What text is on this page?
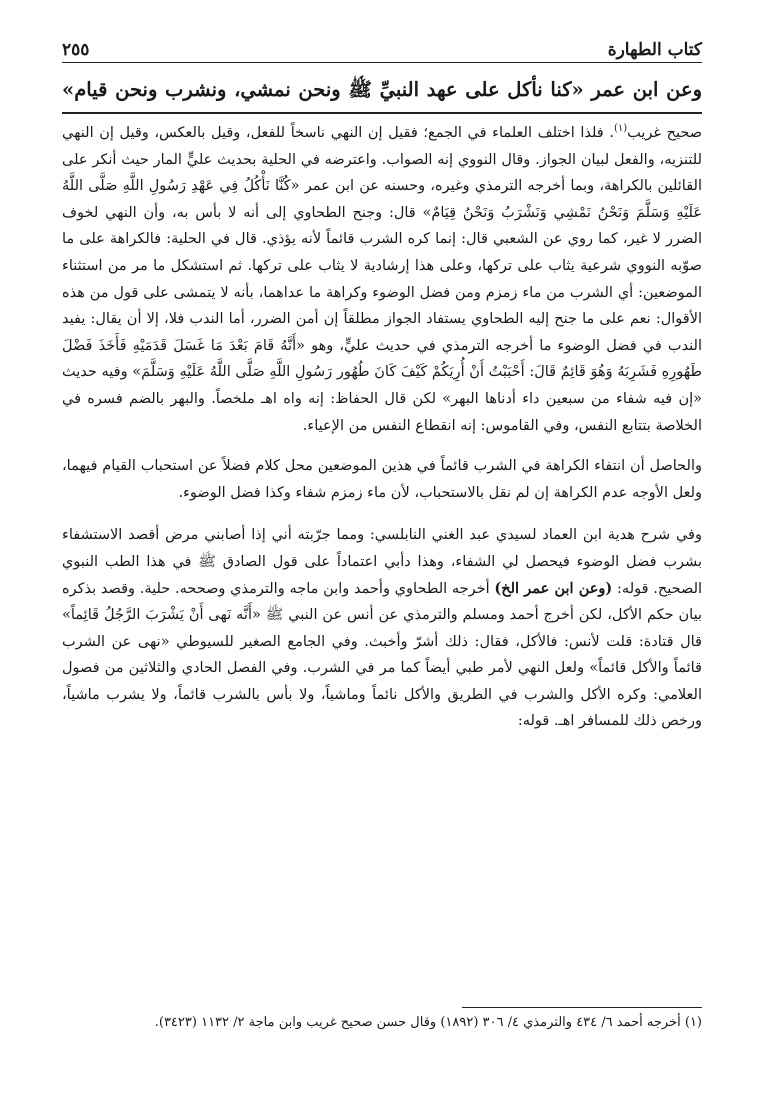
كتاب الطهارة
٢٥٥
وعن ابن عمر «كنا نأكل على عهد النبيِّ ﷺ ونحن نمشي، ونشرب ونحن قيام»

صحيح غريب$^{(١)}$. فلذا اختلف العلماء في الجمع؛ فقيل إن النهي ناسخاً للفعل، وقيل بالعكس، وقيل إن النهي للتنزيه، والفعل لبيان الجواز. وقال النووي إنه الصواب. واعترضه في الحلية بحديث عليٍّ المار حيث أنكر على القائلين بالكراهة، وبما أخرجه الترمذي وغيره، وحسنه عن ابن عمر «كُنَّا نَأْكُلُ فِي عَهْدِ رَسُولِ اللَّهِ صَلَّى اللَّهُ عَلَيْهِ وَسَلَّمَ وَنَحْنُ نَمْشِي وَنَشْرَبُ وَنَحْنُ قِيَامٌ» قال: وجنح الطحاوي إلى أنه لا بأس به، وأن النهي لخوف الضرر لا غير، كما روي عن الشعبي قال: إنما كره الشرب قائماً لأنه يؤذي. قال في الحلية: فالكراهة على ما صوّبه النووي شرعية يثاب على تركها، وعلى هذا إرشادية لا يثاب على تركها. ثم استشكل ما مر من استثناء الموضعين: أي الشرب من ماء زمزم ومن فضل الوضوء وكراهة ما عداهما، بأنه لا يتمشى على قول من هذه الأقوال: نعم على ما جنح إليه الطحاوي يستفاد الجواز مطلقاً إن أمن الضرر، أما الندب فلا، إلا أن يقال: يفيد الندب في فضل الوضوء ما أخرجه الترمذي في حديث عليٍّ، وهو «أَنَّهُ قَامَ بَعْدَ مَا غَسَلَ قَدَمَيْهِ فَأَخَذَ فَضْلَ طَهُورِهِ فَشَرِبَهُ وَهُوَ قَائِمٌ قَالَ: أَحْبَبْتُ أَنْ أُرِيَكُمْ كَيْفَ كَانَ طُهُور رَسُولِ اللَّهِ صَلَّى اللَّهُ عَلَيْهِ وَسَلَّمَ» وفيه حديث «إن فيه شفاء من سبعين داء أدناها البهر» لكن قال الحفاظ: إنه واه اهـ ملخصاً. والبهر بالضم فسره في الخلاصة بتتابع النفس، وفي القاموس: إنه انقطاع النفس من الإعياء.

والحاصل أن انتفاء الكراهة في الشرب قائماً في هذين الموضعين محل كلام فضلاً عن استحباب القيام فيهما، ولعل الأوجه عدم الكراهة إن لم نقل بالاستحباب، لأن ماء زمزم شفاء وكذا فضل الوضوء.

وفي شرح هدية ابن العماد لسيدي عبد الغني النابلسي: ومما جرّبته أني إذا أصابني مرض أقصد الاستشفاء بشرب فضل الوضوء فيحصل لي الشفاء، وهذا دأبي اعتماداً على قول الصادق ﷺ في هذا الطب النبوي الصحيح. قوله: (وعن ابن عمر الخ) أخرجه الطحاوي وأحمد وابن ماجه والترمذي وصححه. حلية. وقصد بذكره بيان حكم الأكل، لكن أخرج أحمد ومسلم والترمذي عن أنس عن النبي ﷺ «أَنَّه نَهى أَنْ يَشْرَبَ الرَّجُلُ قَائِماً» قال قتادة: قلت لأنس: فالأكل، فقال: ذلك أشرّ وأخبث. وفي الجامع الصغير للسيوطي «نهى عن الشرب قائماً والأكل قائماً» ولعل النهي لأمر طبي أيضاً كما مر في الشرب. وفي الفصل الحادي والثلاثين من فصول العلامي: وكره الأكل والشرب في الطريق والأكل نائماً وماشياً، ولا بأس بالشرب قائماً، ولا يشرب ماشياً، ورخص ذلك للمسافر اهـ. قوله:

(١) أخرجه أحمد ٦/ ٤٣٤ والترمذي ٤/ ٣٠٦ (١٨٩٢) وقال حسن صحيح غريب وابن ماجة ٢/ ١١٣٢ (٣٤٢٣).
